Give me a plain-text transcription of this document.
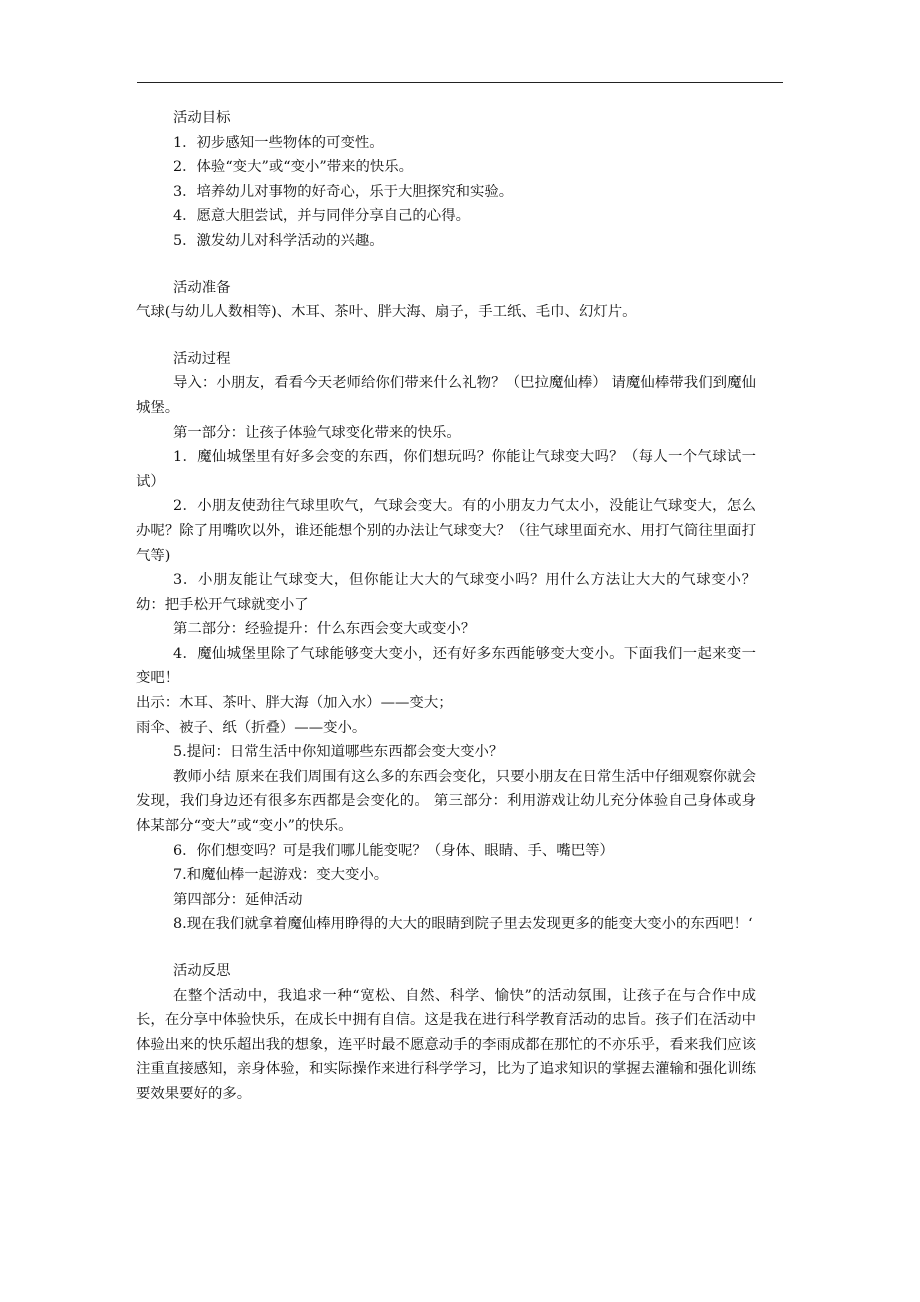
活动目标
1．初步感知一些物体的可变性。
2．体验“变大”或“变小”带来的快乐。
3．培养幼儿对事物的好奇心，乐于大胆探究和实验。
4．愿意大胆尝试，并与同伴分享自己的心得。
5．激发幼儿对科学活动的兴趣。
活动准备
气球(与幼儿人数相等)、木耳、茶叶、胖大海、扇子，手工纸、毛巾、幻灯片。
活动过程
导入：小朋友，看看今天老师给你们带来什么礼物？（巴拉魔仙棒） 请魔仙棒带我们到魔仙城堡。
第一部分：让孩子体验气球变化带来的快乐。
1．魔仙城堡里有好多会变的东西，你们想玩吗？你能让气球变大吗？（每人一个气球试一试）
2．小朋友使劲往气球里吹气，气球会变大。有的小朋友力气太小，没能让气球变大，怎么办呢？除了用嘴吹以外，谁还能想个别的办法让气球变大？（往气球里面充水、用打气筒往里面打气等)
3．小朋友能让气球变大，但你能让大大的气球变小吗？用什么方法让大大的气球变小？幼：把手松开气球就变小了
第二部分：经验提升：什么东西会变大或变小？
4．魔仙城堡里除了气球能够变大变小，还有好多东西能够变大变小。下面我们一起来变一变吧！
出示：木耳、茶叶、胖大海（加入水）——变大；
雨伞、被子、纸（折叠）——变小。
5.提问：日常生活中你知道哪些东西都会变大变小？
教师小结 原来在我们周围有这么多的东西会变化，只要小朋友在日常生活中仔细观察你就会发现，我们身边还有很多东西都是会变化的。 第三部分：利用游戏让幼儿充分体验自己身体或身体某部分“变大”或“变小”的快乐。
6．你们想变吗？可是我们哪儿能变呢？（身体、眼睛、手、嘴巴等）
7.和魔仙棒一起游戏：变大变小。
第四部分：延伸活动
8.现在我们就拿着魔仙棒用睁得的大大的眼睛到院子里去发现更多的能变大变小的东西吧！‘
活动反思
在整个活动中，我追求一种“宽松、自然、科学、愉快”的活动氛围，让孩子在与合作中成长，在分享中体验快乐，在成长中拥有自信。这是我在进行科学教育活动的忠旨。孩子们在活动中体验出来的快乐超出我的想象，连平时最不愿意动手的李雨成都在那忙的不亦乐乎，看来我们应该注重直接感知，亲身体验，和实际操作来进行科学学习，比为了追求知识的掌握去灌输和强化训练要效果要好的多。
